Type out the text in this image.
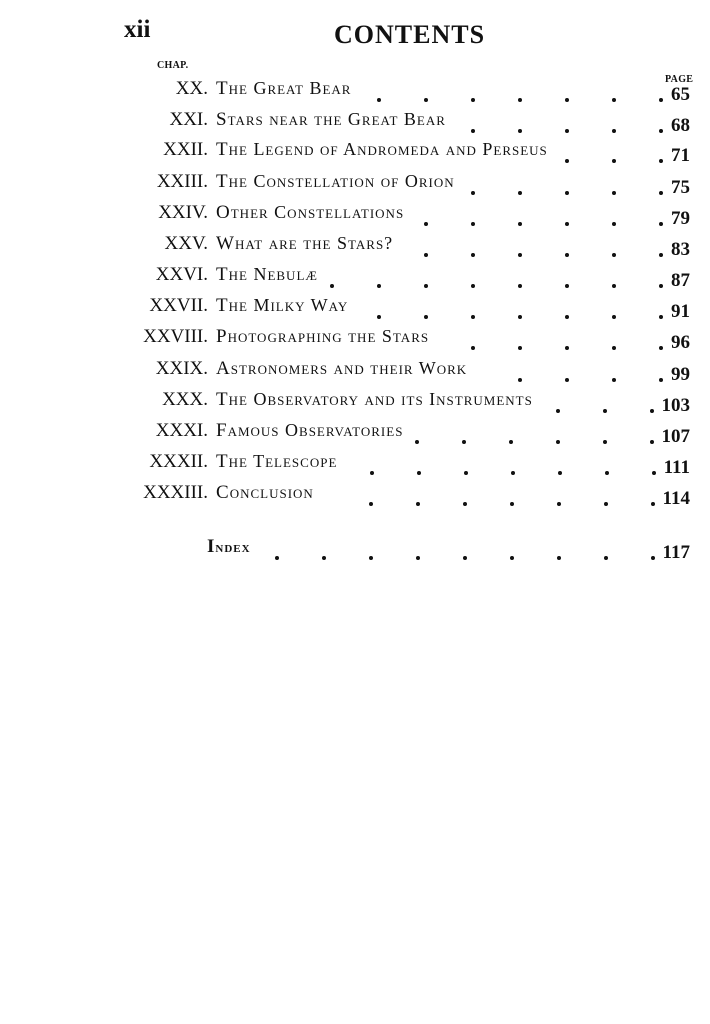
xii	CONTENTS
CHAP.
PAGE
XX. The Great Bear	65
XXI. Stars near the Great Bear	68
XXII. The Legend of Andromeda and Perseus	71
XXIII. The Constellation of Orion	75
XXIV. Other Constellations	79
XXV. What are the Stars?	83
XXVI. The Nebulæ	87
XXVII. The Milky Way	91
XXVIII. Photographing the Stars	96
XXIX. Astronomers and their Work	99
XXX. The Observatory and its Instruments	103
XXXI. Famous Observatories	107
XXXII. The Telescope	111
XXXIII. Conclusion	114
Index	117
